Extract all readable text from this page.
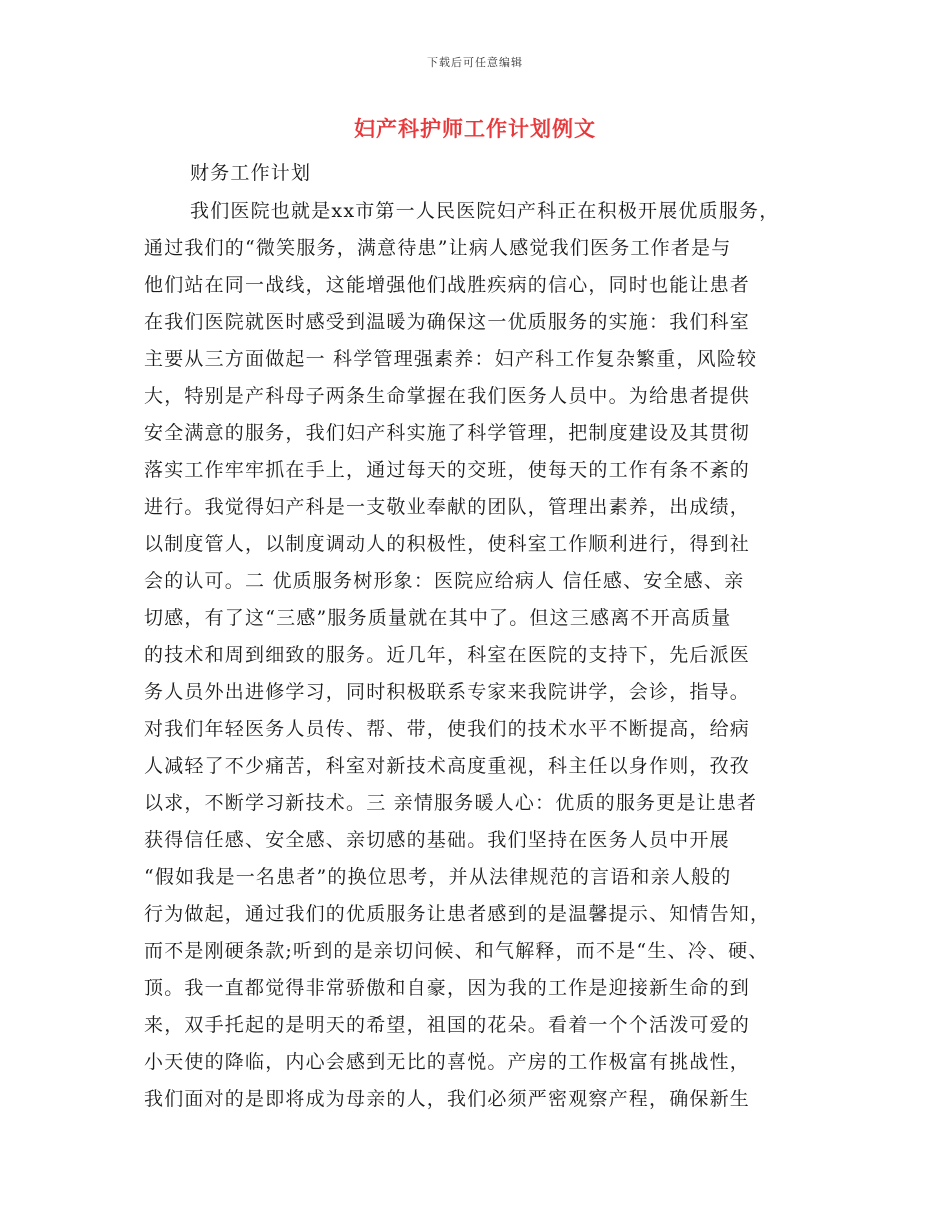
下载后可任意编辑
妇产科护师工作计划例文
财务工作计划
我们医院也就是xx市第一人民医院妇产科正在积极开展优质服务，
通过我们的“微笑服务，满意待患”让病人感觉我们医务工作者是与
他们站在同一战线，这能增强他们战胜疾病的信心，同时也能让患者
在我们医院就医时感受到温暖为确保这一优质服务的实施：我们科室
主要从三方面做起一 科学管理强素养：妇产科工作复杂繁重，风险较
大，特别是产科母子两条生命掌握在我们医务人员中。为给患者提供
安全满意的服务，我们妇产科实施了科学管理，把制度建设及其贯彻
落实工作牢牢抓在手上，通过每天的交班，使每天的工作有条不紊的
进行。我觉得妇产科是一支敬业奉献的团队，管理出素养，出成绩，
以制度管人，以制度调动人的积极性，使科室工作顺利进行，得到社
会的认可。二 优质服务树形象：医院应给病人 信任感、安全感、亲
切感，有了这“三感”服务质量就在其中了。但这三感离不开高质量
的技术和周到细致的服务。近几年，科室在医院的支持下，先后派医
务人员外出进修学习，同时积极联系专家来我院讲学，会诊，指导。
对我们年轻医务人员传、帮、带，使我们的技术水平不断提高，给病
人减轻了不少痛苦，科室对新技术高度重视，科主任以身作则，孜孜
以求，不断学习新技术。三 亲情服务暖人心：优质的服务更是让患者
获得信任感、安全感、亲切感的基础。我们坚持在医务人员中开展
“假如我是一名患者”的换位思考，并从法律规范的言语和亲人般的
行为做起，通过我们的优质服务让患者感到的是温馨提示、知情告知，
而不是刚硬条款;听到的是亲切问候、和气解释，而不是“生、冷、硬、
顶。我一直都觉得非常骄傲和自豪，因为我的工作是迎接新生命的到
来，双手托起的是明天的希望，祖国的花朵。看着一个个活泼可爱的
小天使的降临，内心会感到无比的喜悦。产房的工作极富有挑战性，
我们面对的是即将成为母亲的人，我们必须严密观察产程，确保新生
